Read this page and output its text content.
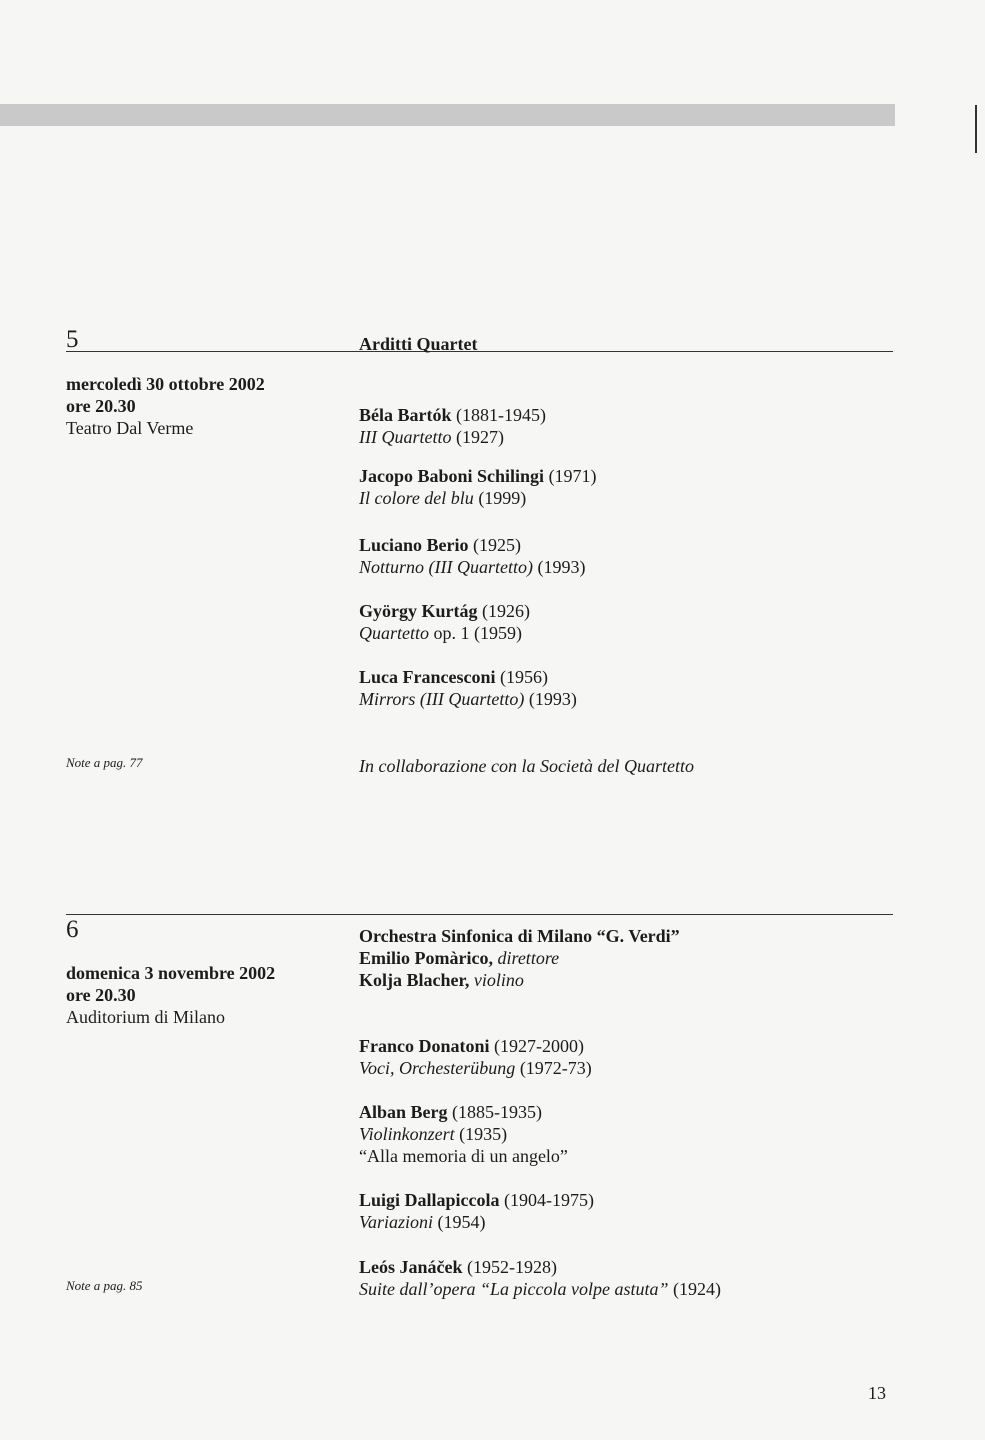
5
mercoledì 30 ottobre 2002
ore 20.30
Teatro Dal Verme
Note a pag. 77
Arditti Quartet
Béla Bartók (1881-1945)
III Quartetto (1927)
Jacopo Baboni Schilingi (1971)
Il colore del blu (1999)
Luciano Berio (1925)
Notturno (III Quartetto) (1993)
György Kurtág (1926)
Quartetto op. 1 (1959)
Luca Francesconi (1956)
Mirrors (III Quartetto) (1993)
In collaborazione con la Società del Quartetto
6
domenica 3 novembre 2002
ore 20.30
Auditorium di Milano
Note a pag. 85
Orchestra Sinfonica di Milano “G. Verdi”
Emilio Pomàrico, direttore
Kolja Blacher, violino
Franco Donatoni (1927-2000)
Voci, Orchesterübung (1972-73)
Alban Berg (1885-1935)
Violinkonzert (1935)
“Alla memoria di un angelo”
Luigi Dallapiccola (1904-1975)
Variazioni (1954)
Leós Janáček (1952-1928)
Suite dall’opera “La piccola volpe astuta” (1924)
13
